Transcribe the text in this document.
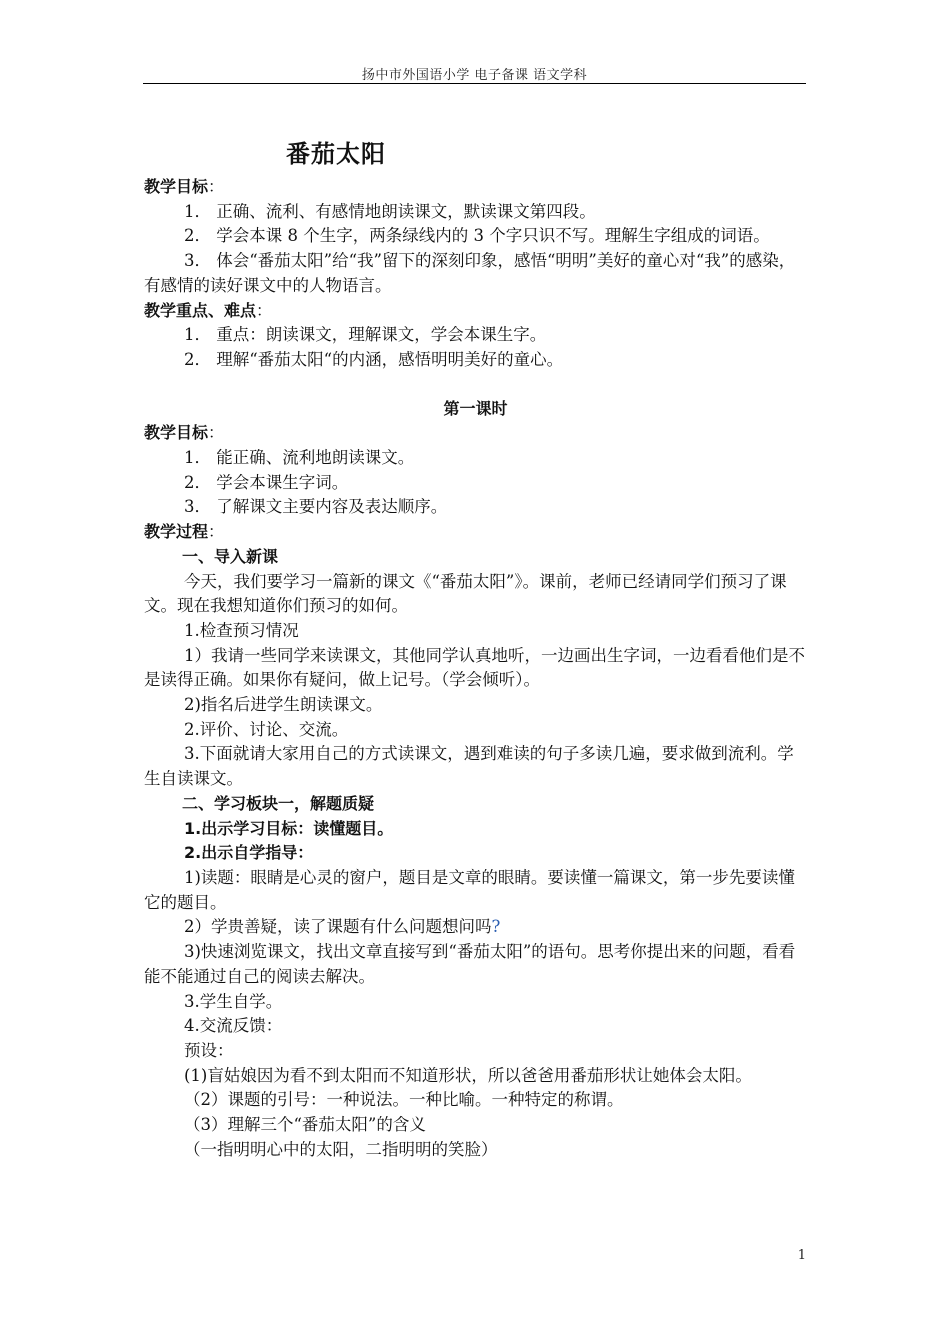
扬中市外国语小学 电子备课 语文学科
番茄太阳

教学目标：

1． 正确、流利、有感情地朗读课文，默读课文第四段。

2． 学会本课 8 个生字，两条绿线内的 3 个字只识不写。理解生字组成的词语。

3． 体会“番茄太阳”给“我”留下的深刻印象，感悟“明明”美好的童心对“我”的感染，有感情的读好课文中的人物语言。

教学重点、难点：

1． 重点：朗读课文，理解课文，学会本课生字。

2． 理解“番茄太阳“的内涵，感悟明明美好的童心。

第一课时

教学目标：

1． 能正确、流利地朗读课文。

2． 学会本课生字词。

3． 了解课文主要内容及表达顺序。

教学过程：

一、导入新课

今天，我们要学习一篇新的课文《“番茄太阳”》。课前，老师已经请同学们预习了课文。现在我想知道你们预习的如何。

1.检查预习情况

1）我请一些同学来读课文，其他同学认真地听，一边画出生字词，一边看看他们是不是读得正确。如果你有疑问，做上记号。（学会倾听）。

2)指名后进学生朗读课文。

2.评价、讨论、交流。

3.下面就请大家用自己的方式读课文，遇到难读的句子多读几遍，要求做到流利。学生自读课文。

二、学习板块一，解题质疑

1.出示学习目标：读懂题目。

2.出示自学指导：

1)读题：眼睛是心灵的窗户，题目是文章的眼睛。要读懂一篇课文，第一步先要读懂它的题目。

2）学贵善疑，读了课题有什么问题想问吗?

3)快速浏览课文，找出文章直接写到“番茄太阳”的语句。思考你提出来的问题，看看能不能通过自己的阅读去解决。

3.学生自学。

4.交流反馈：

预设：

(1)盲姑娘因为看不到太阳而不知道形状，所以爸爸用番茄形状让她体会太阳。

（2）课题的引号：一种说法。一种比喻。一种特定的称谓。

（3）理解三个“番茄太阳”的含义

（一指明明心中的太阳，二指明明的笑脸）

1
